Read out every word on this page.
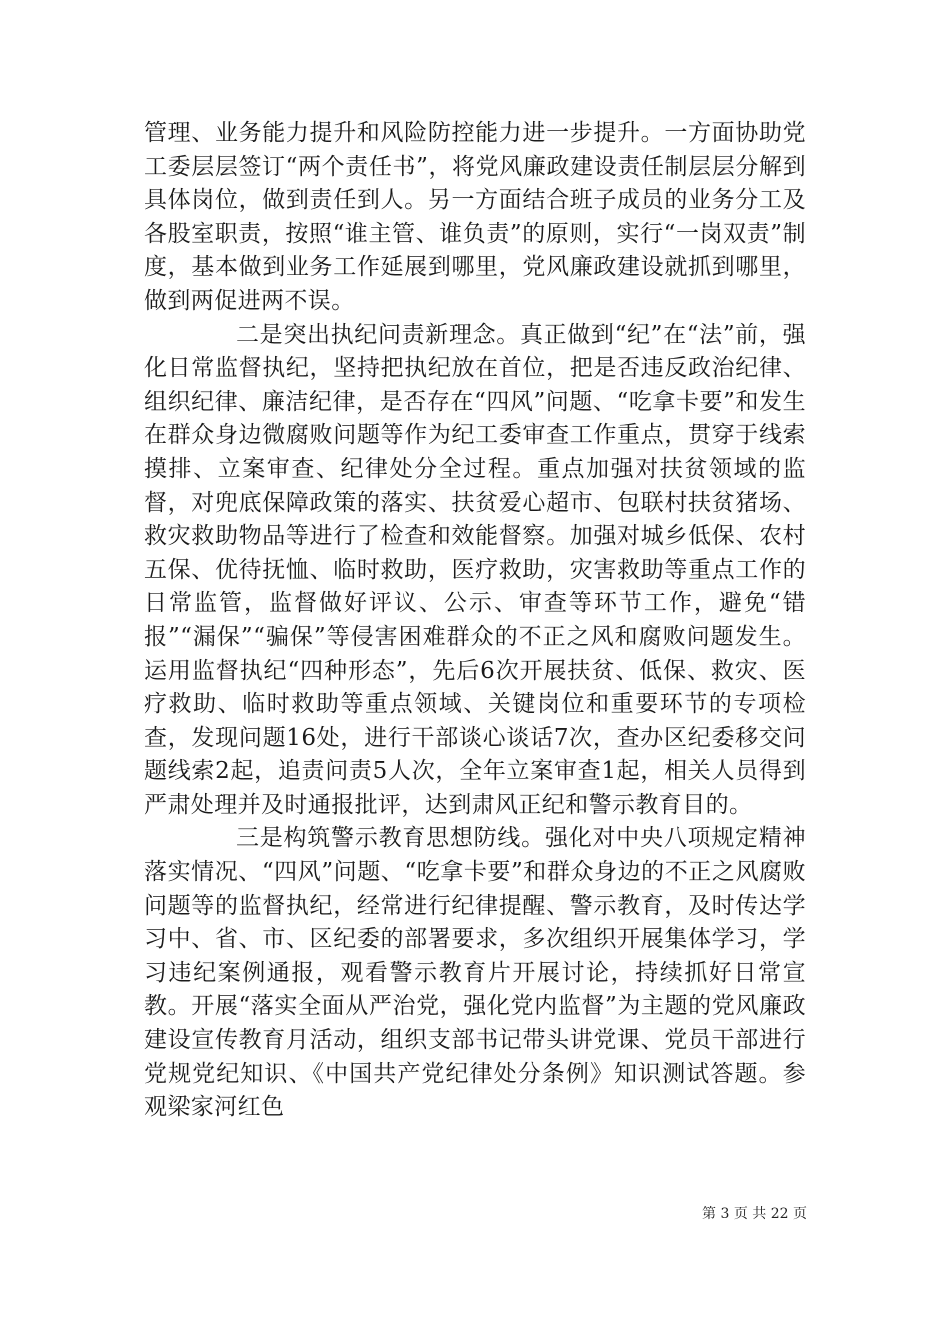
管理、业务能力提升和风险防控能力进一步提升。一方面协助党工委层层签订“两个责任书”，将党风廉政建设责任制层层分解到具体岗位，做到责任到人。另一方面结合班子成员的业务分工及各股室职责，按照“谁主管、谁负责”的原则，实行“一岗双责”制度，基本做到业务工作延展到哪里，党风廉政建设就抓到哪里，做到两促进两不误。

二是突出执纪问责新理念。真正做到“纪”在“法”前，强化日常监督执纪，坚持把执纪放在首位，把是否违反政治纪律、组织纪律、廉洁纪律，是否存在“四风”问题、“吃拿卡要”和发生在群众身边微腐败问题等作为纪工委审查工作重点，贯穿于线索摸排、立案审查、纪律处分全过程。重点加强对扶贫领域的监督，对兜底保障政策的落实、扶贫爱心超市、包联村扶贫猪场、救灾救助物品等进行了检查和效能督察。加强对城乡低保、农村五保、优待抚恤、临时救助，医疗救助，灾害救助等重点工作的日常监管，监督做好评议、公示、审查等环节工作，避免“错报”“漏保”“骗保”等侵害困难群众的不正之风和腐败问题发生。运用监督执纪“四种形态”，先后6次开展扶贫、低保、救灾、医疗救助、临时救助等重点领域、关键岗位和重要环节的专项检查，发现问题16处，进行干部谈心谈话7次，查办区纪委移交问题线索2起，追责问责5人次，全年立案审查1起，相关人员得到严肃处理并及时通报批评，达到肃风正纪和警示教育目的。

三是构筑警示教育思想防线。强化对中央八项规定精神落实情况、“四风”问题、“吃拿卡要”和群众身边的不正之风腐败问题等的监督执纪，经常进行纪律提醒、警示教育，及时传达学习中、省、市、区纪委的部署要求，多次组织开展集体学习，学习违纪案例通报，观看警示教育片开展讨论，持续抓好日常宣教。开展“落实全面从严治党，强化党内监督”为主题的党风廉政建设宣传教育月活动，组织支部书记带头讲党课、党员干部进行党规党纪知识、《中国共产党纪律处分条例》知识测试答题。参观梁家河红色

第 3 页 共 22 页
